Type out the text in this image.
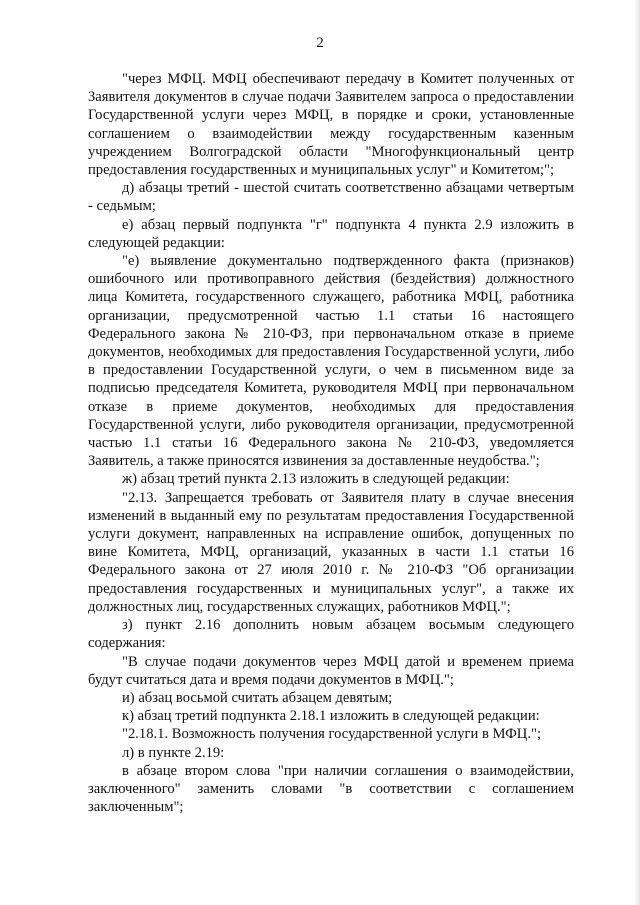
2

"через МФЦ. МФЦ обеспечивают передачу в Комитет полученных от Заявителя документов в случае подачи Заявителем запроса о предоставлении Государственной услуги через МФЦ, в порядке и сроки, установленные соглашением о взаимодействии между государственным казенным учреждением Волгоградской области "Многофункциональный центр предоставления государственных и муниципальных услуг" и Комитетом;";

д) абзацы третий - шестой считать соответственно абзацами четвертым - седьмым;

е) абзац первый подпункта "г" подпункта 4 пункта 2.9 изложить в следующей редакции:

"е) выявление документально подтвержденного факта (признаков) ошибочного или противоправного действия (бездействия) должностного лица Комитета, государственного служащего, работника МФЦ, работника организации, предусмотренной частью 1.1 статьи 16 настоящего Федерального закона № 210-ФЗ, при первоначальном отказе в приеме документов, необходимых для предоставления Государственной услуги, либо в предоставлении Государственной услуги, о чем в письменном виде за подписью председателя Комитета, руководителя МФЦ при первоначальном отказе в приеме документов, необходимых для предоставления Государственной услуги, либо руководителя организации, предусмотренной частью 1.1 статьи 16 Федерального закона № 210-ФЗ, уведомляется Заявитель, а также приносятся извинения за доставленные неудобства.";

ж) абзац третий пункта 2.13 изложить в следующей редакции:

"2.13. Запрещается требовать от Заявителя плату в случае внесения изменений в выданный ему по результатам предоставления Государственной услуги документ, направленных на исправление ошибок, допущенных по вине Комитета, МФЦ, организаций, указанных в части 1.1 статьи 16 Федерального закона от 27 июля 2010 г. № 210-ФЗ "Об организации предоставления государственных и муниципальных услуг", а также их должностных лиц, государственных служащих, работников МФЦ.";

з) пункт 2.16 дополнить новым абзацем восьмым следующего содержания:

"В случае подачи документов через МФЦ датой и временем приема будут считаться дата и время подачи документов в МФЦ.";

и) абзац восьмой считать абзацем девятым;

к) абзац третий подпункта 2.18.1 изложить в следующей редакции:

"2.18.1. Возможность получения государственной услуги в МФЦ.";

л) в пункте 2.19:

в абзаце втором слова "при наличии соглашения о взаимодействии, заключенного" заменить словами "в соответствии с соглашением заключенным";
